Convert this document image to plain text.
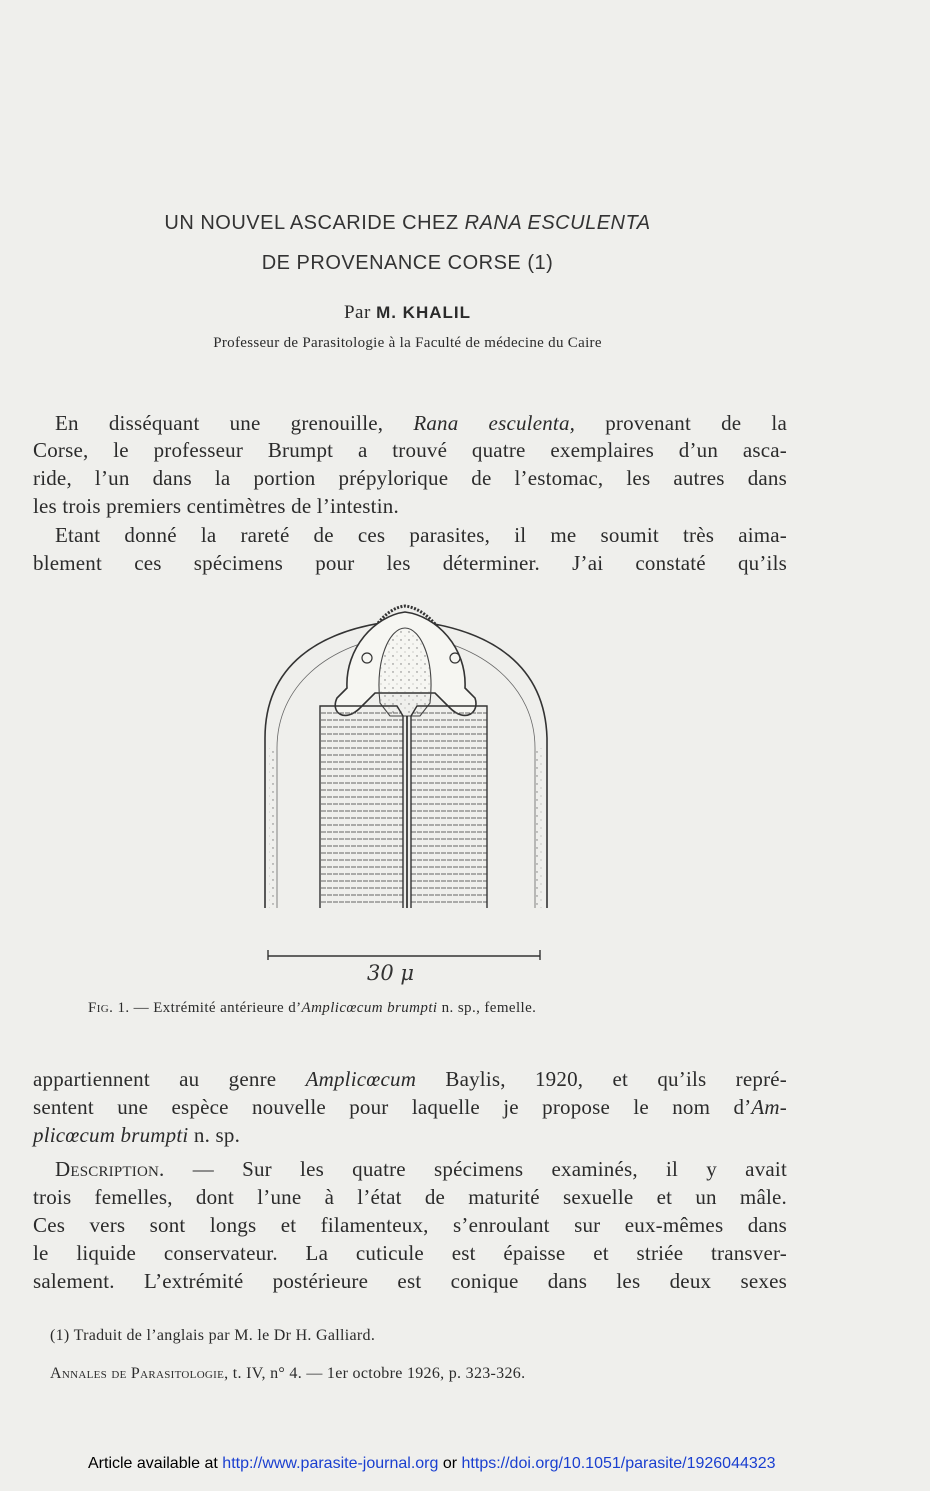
UN NOUVEL ASCARIDE CHEZ RANA ESCULENTA
DE PROVENANCE CORSE (1)
Par M. KHALIL
Professeur de Parasitologie à la Faculté de médecine du Caire
En disséquant une grenouille, Rana esculenta, provenant de la
Corse, le professeur Brumpt a trouvé quatre exemplaires d’un asca-
ride, l’un dans la portion prépylorique de l’estomac, les autres dans
les trois premiers centimètres de l’intestin.
Etant donné la rareté de ces parasites, il me soumit très aima-
blement ces spécimens pour les déterminer. J’ai constaté qu’ils
30 μ
Fig. 1. — Extrémité antérieure d’Amplicœcum brumpti n. sp., femelle.
appartiennent au genre Amplicœcum Baylis, 1920, et qu’ils repré-
sentent une espèce nouvelle pour laquelle je propose le nom d’Am-
plicœcum brumpti n. sp.
Description. — Sur les quatre spécimens examinés, il y avait
trois femelles, dont l’une à l’état de maturité sexuelle et un mâle.
Ces vers sont longs et filamenteux, s’enroulant sur eux-mêmes dans
le liquide conservateur. La cuticule est épaisse et striée transver-
salement. L’extrémité postérieure est conique dans les deux sexes
(1) Traduit de l’anglais par M. le Dr H. Galliard.
Annales de Parasitologie, t. IV, n° 4. — 1er octobre 1926, p. 323-326.
Article available at http://www.parasite-journal.org or https://doi.org/10.1051/parasite/1926044323
